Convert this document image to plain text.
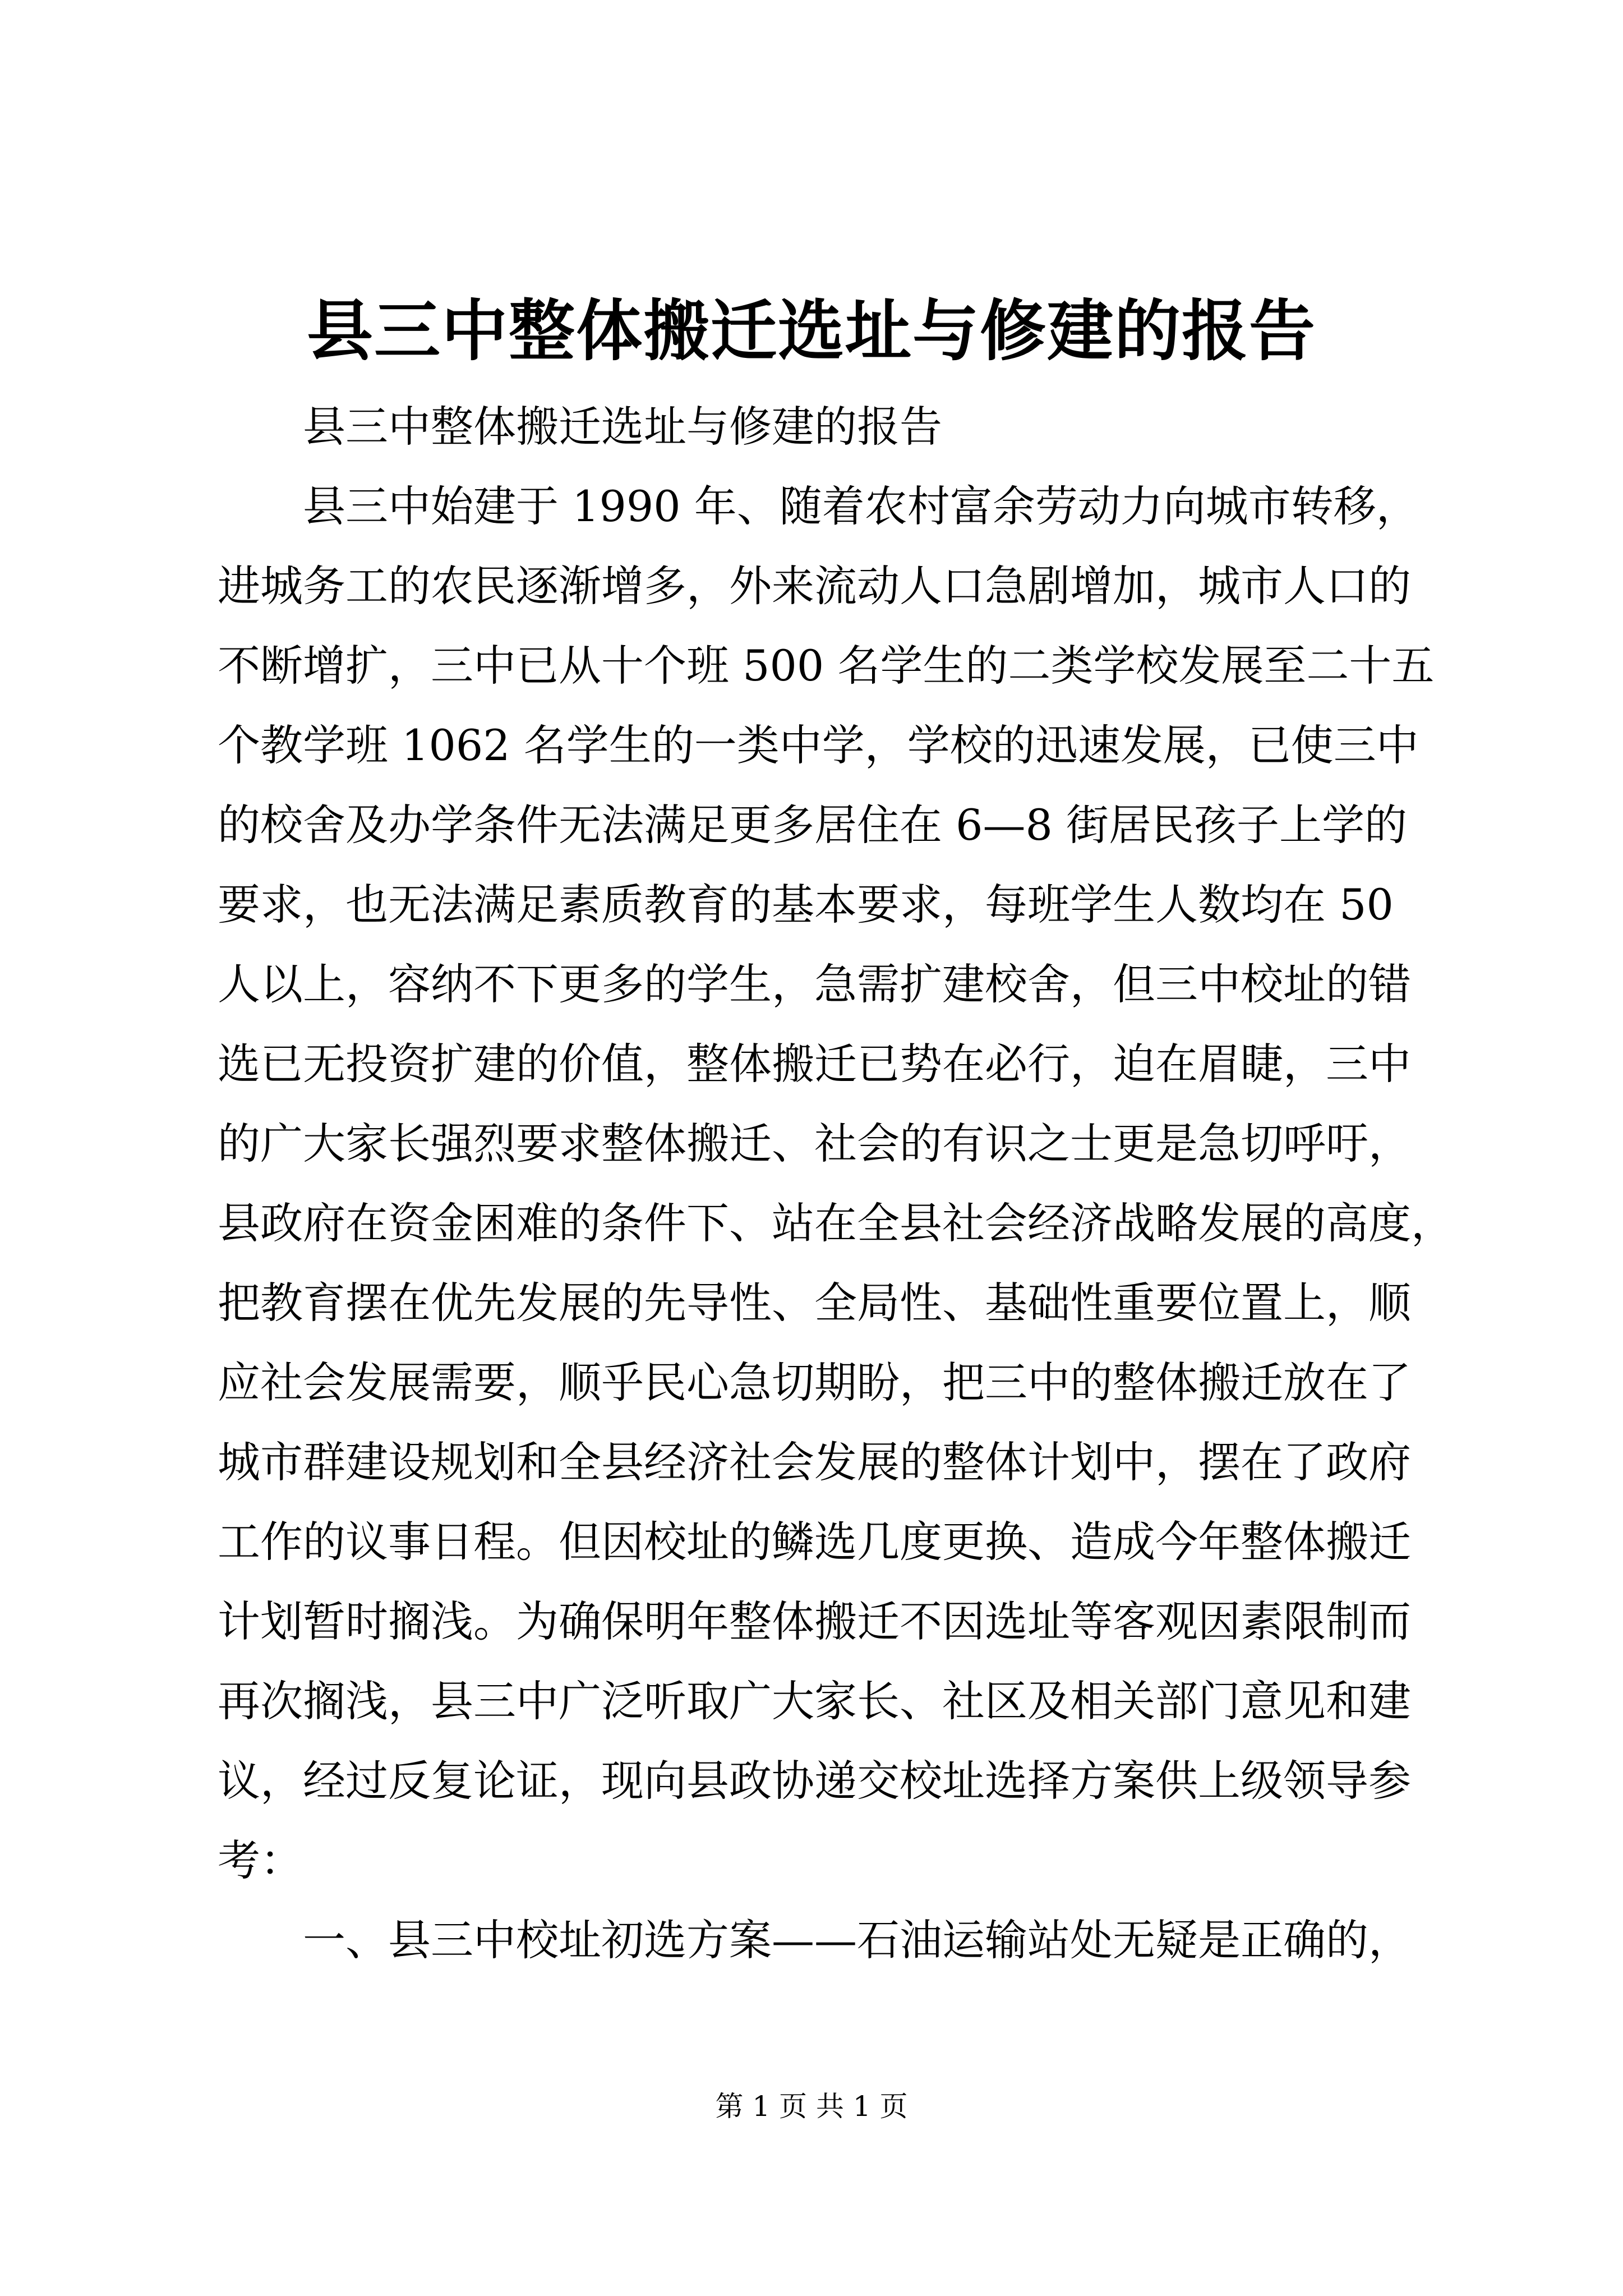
县三中整体搬迁选址与修建的报告
县三中整体搬迁选址与修建的报告
县三中始建于 1990 年、随着农村富余劳动力向城市转移，
进城务工的农民逐渐增多，外来流动人口急剧增加，城市人口的
不断增扩，三中已从十个班 500 名学生的二类学校发展至二十五
个教学班 1062 名学生的一类中学，学校的迅速发展，已使三中
的校舍及办学条件无法满足更多居住在 6—8 街居民孩子上学的
要求，也无法满足素质教育的基本要求，每班学生人数均在 50
人以上，容纳不下更多的学生，急需扩建校舍，但三中校址的错
选已无投资扩建的价值，整体搬迁已势在必行，迫在眉睫，三中
的广大家长强烈要求整体搬迁、社会的有识之士更是急切呼吁，
县政府在资金困难的条件下、站在全县社会经济战略发展的高度，
把教育摆在优先发展的先导性、全局性、基础性重要位置上，顺
应社会发展需要，顺乎民心急切期盼，把三中的整体搬迁放在了
城市群建设规划和全县经济社会发展的整体计划中，摆在了政府
工作的议事日程。但因校址的鳞选几度更换、造成今年整体搬迁
计划暂时搁浅。为确保明年整体搬迁不因选址等客观因素限制而
再次搁浅，县三中广泛听取广大家长、社区及相关部门意见和建
议，经过反复论证，现向县政协递交校址选择方案供上级领导参
考：
一、县三中校址初选方案——石油运输站处无疑是正确的，
第 1 页 共 1 页
